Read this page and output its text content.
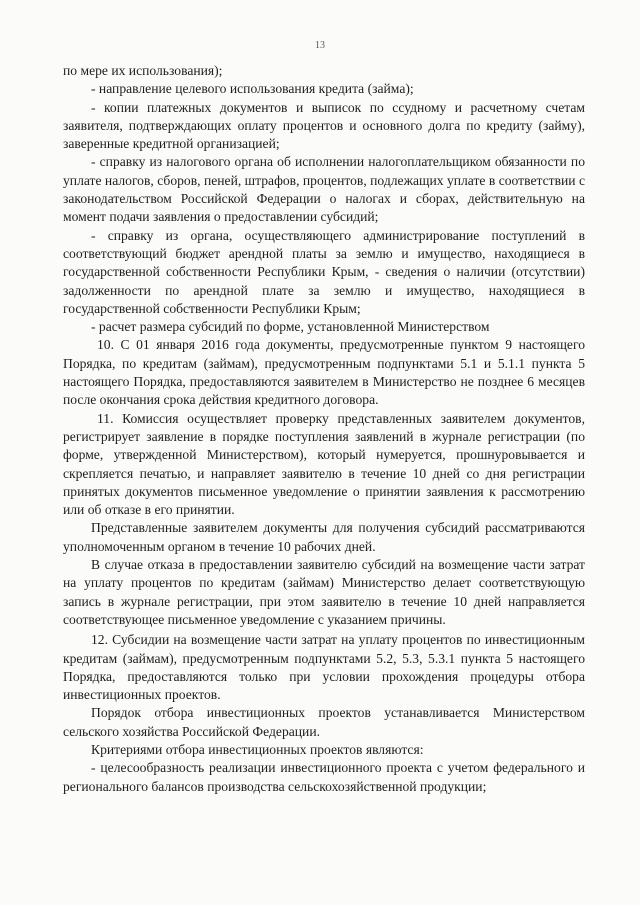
13

по мере их использования);

- направление целевого использования кредита (займа);

- копии платежных документов и выписок по ссудному и расчетному счетам заявителя, подтверждающих оплату процентов и основного долга по кредиту (займу), заверенные кредитной организацией;

- справку из налогового органа об исполнении налогоплательщиком обязанности по уплате налогов, сборов, пеней, штрафов, процентов, подлежащих уплате в соответствии с законодательством Российской Федерации о налогах и сборах, действительную на момент подачи заявления о предоставлении субсидий;

- справку из органа, осуществляющего администрирование поступлений в соответствующий бюджет арендной платы за землю и имущество, находящиеся в государственной собственности Республики Крым, - сведения о наличии (отсутствии) задолженности по арендной плате за землю и имущество, находящиеся в государственной собственности Республики Крым;

- расчет размера субсидий по форме, установленной Министерством

10. С 01 января 2016 года документы, предусмотренные пунктом 9 настоящего Порядка, по кредитам (займам), предусмотренным подпунктами 5.1 и 5.1.1 пункта 5 настоящего Порядка, предоставляются заявителем в Министерство не позднее 6 месяцев после окончания срока действия кредитного договора.

11. Комиссия осуществляет проверку представленных заявителем документов, регистрирует заявление в порядке поступления заявлений в журнале регистрации (по форме, утвержденной Министерством), который нумеруется, прошнуровывается и скрепляется печатью, и направляет заявителю в течение 10 дней со дня регистрации принятых документов письменное уведомление о принятии заявления к рассмотрению или об отказе в его принятии.

Представленные заявителем документы для получения субсидий рассматриваются уполномоченным органом в течение 10 рабочих дней.

В случае отказа в предоставлении заявителю субсидий на возмещение части затрат на уплату процентов по кредитам (займам) Министерство делает соответствующую запись в журнале регистрации, при этом заявителю в течение 10 дней направляется соответствующее письменное уведомление с указанием причины.

12. Субсидии на возмещение части затрат на уплату процентов по инвестиционным кредитам (займам), предусмотренным подпунктами 5.2, 5.3, 5.3.1 пункта 5 настоящего Порядка, предоставляются только при условии прохождения процедуры отбора инвестиционных проектов.

Порядок отбора инвестиционных проектов устанавливается Министерством сельского хозяйства Российской Федерации.

Критериями отбора инвестиционных проектов являются:

- целесообразность реализации инвестиционного проекта с учетом федерального и регионального балансов производства сельскохозяйственной продукции;
